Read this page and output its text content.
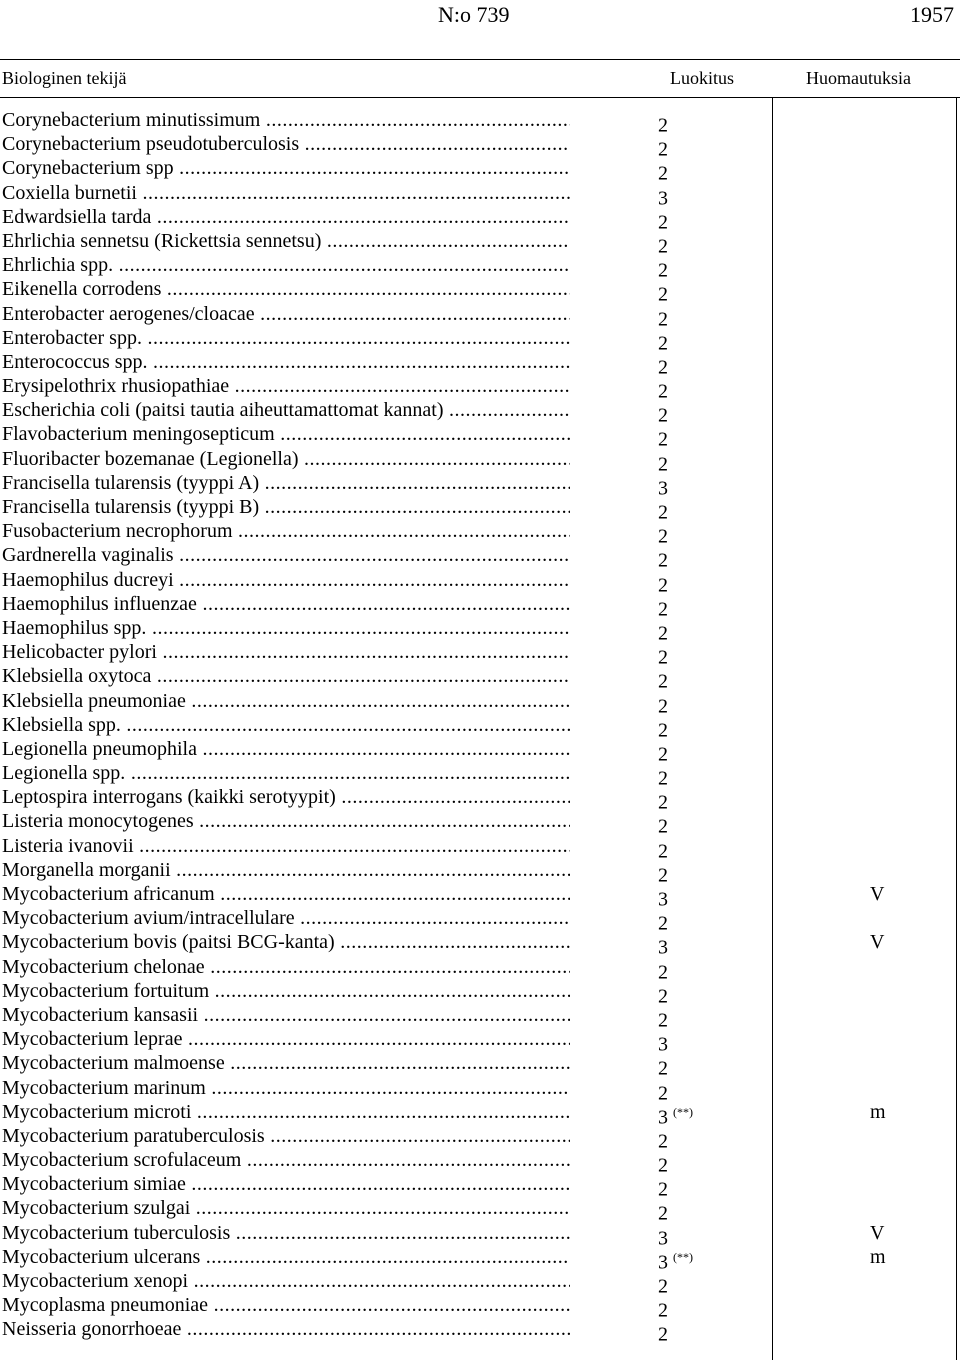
N:o 739	1957
Biologinen tekijä	Luokitus	Huomautuksia
Corynebacterium minutissimum .....	2
Corynebacterium pseudotuberculosis .....	2
Corynebacterium spp .....	2
Coxiella burnetii .....	3
Edwardsiella tarda .....	2
Ehrlichia sennetsu (Rickettsia sennetsu) .....	2
Ehrlichia spp. .....	2
Eikenella corrodens .....	2
Enterobacter aerogenes/cloacae .....	2
Enterobacter spp. .....	2
Enterococcus spp. .....	2
Erysipelothrix rhusiopathiae .....	2
Escherichia coli (paitsi tautia aiheuttamattomat kannat) .....	2
Flavobacterium meningosepticum .....	2
Fluoribacter bozemanae (Legionella) .....	2
Francisella tularensis (tyyppi A) .....	3
Francisella tularensis (tyyppi B) .....	2
Fusobacterium necrophorum .....	2
Gardnerella vaginalis .....	2
Haemophilus ducreyi .....	2
Haemophilus influenzae .....	2
Haemophilus spp. .....	2
Helicobacter pylori .....	2
Klebsiella oxytoca .....	2
Klebsiella pneumoniae .....	2
Klebsiella spp. .....	2
Legionella pneumophila .....	2
Legionella spp. .....	2
Leptospira interrogans (kaikki serotyypit) .....	2
Listeria monocytogenes .....	2
Listeria ivanovii .....	2
Morganella morganii .....	2
Mycobacterium africanum .....	3	V
Mycobacterium avium/intracellulare .....	2
Mycobacterium bovis (paitsi BCG-kanta) .....	3	V
Mycobacterium chelonae .....	2
Mycobacterium fortuitum .....	2
Mycobacterium kansasii .....	2
Mycobacterium leprae .....	3
Mycobacterium malmoense .....	2
Mycobacterium marinum .....	2
Mycobacterium microti .....	3 (**)	m
Mycobacterium paratuberculosis .....	2
Mycobacterium scrofulaceum .....	2
Mycobacterium simiae .....	2
Mycobacterium szulgai .....	2
Mycobacterium tuberculosis .....	3	V
Mycobacterium ulcerans .....	3 (**)	m
Mycobacterium xenopi .....	2
Mycoplasma pneumoniae .....	2
Neisseria gonorrhoeae .....	2
